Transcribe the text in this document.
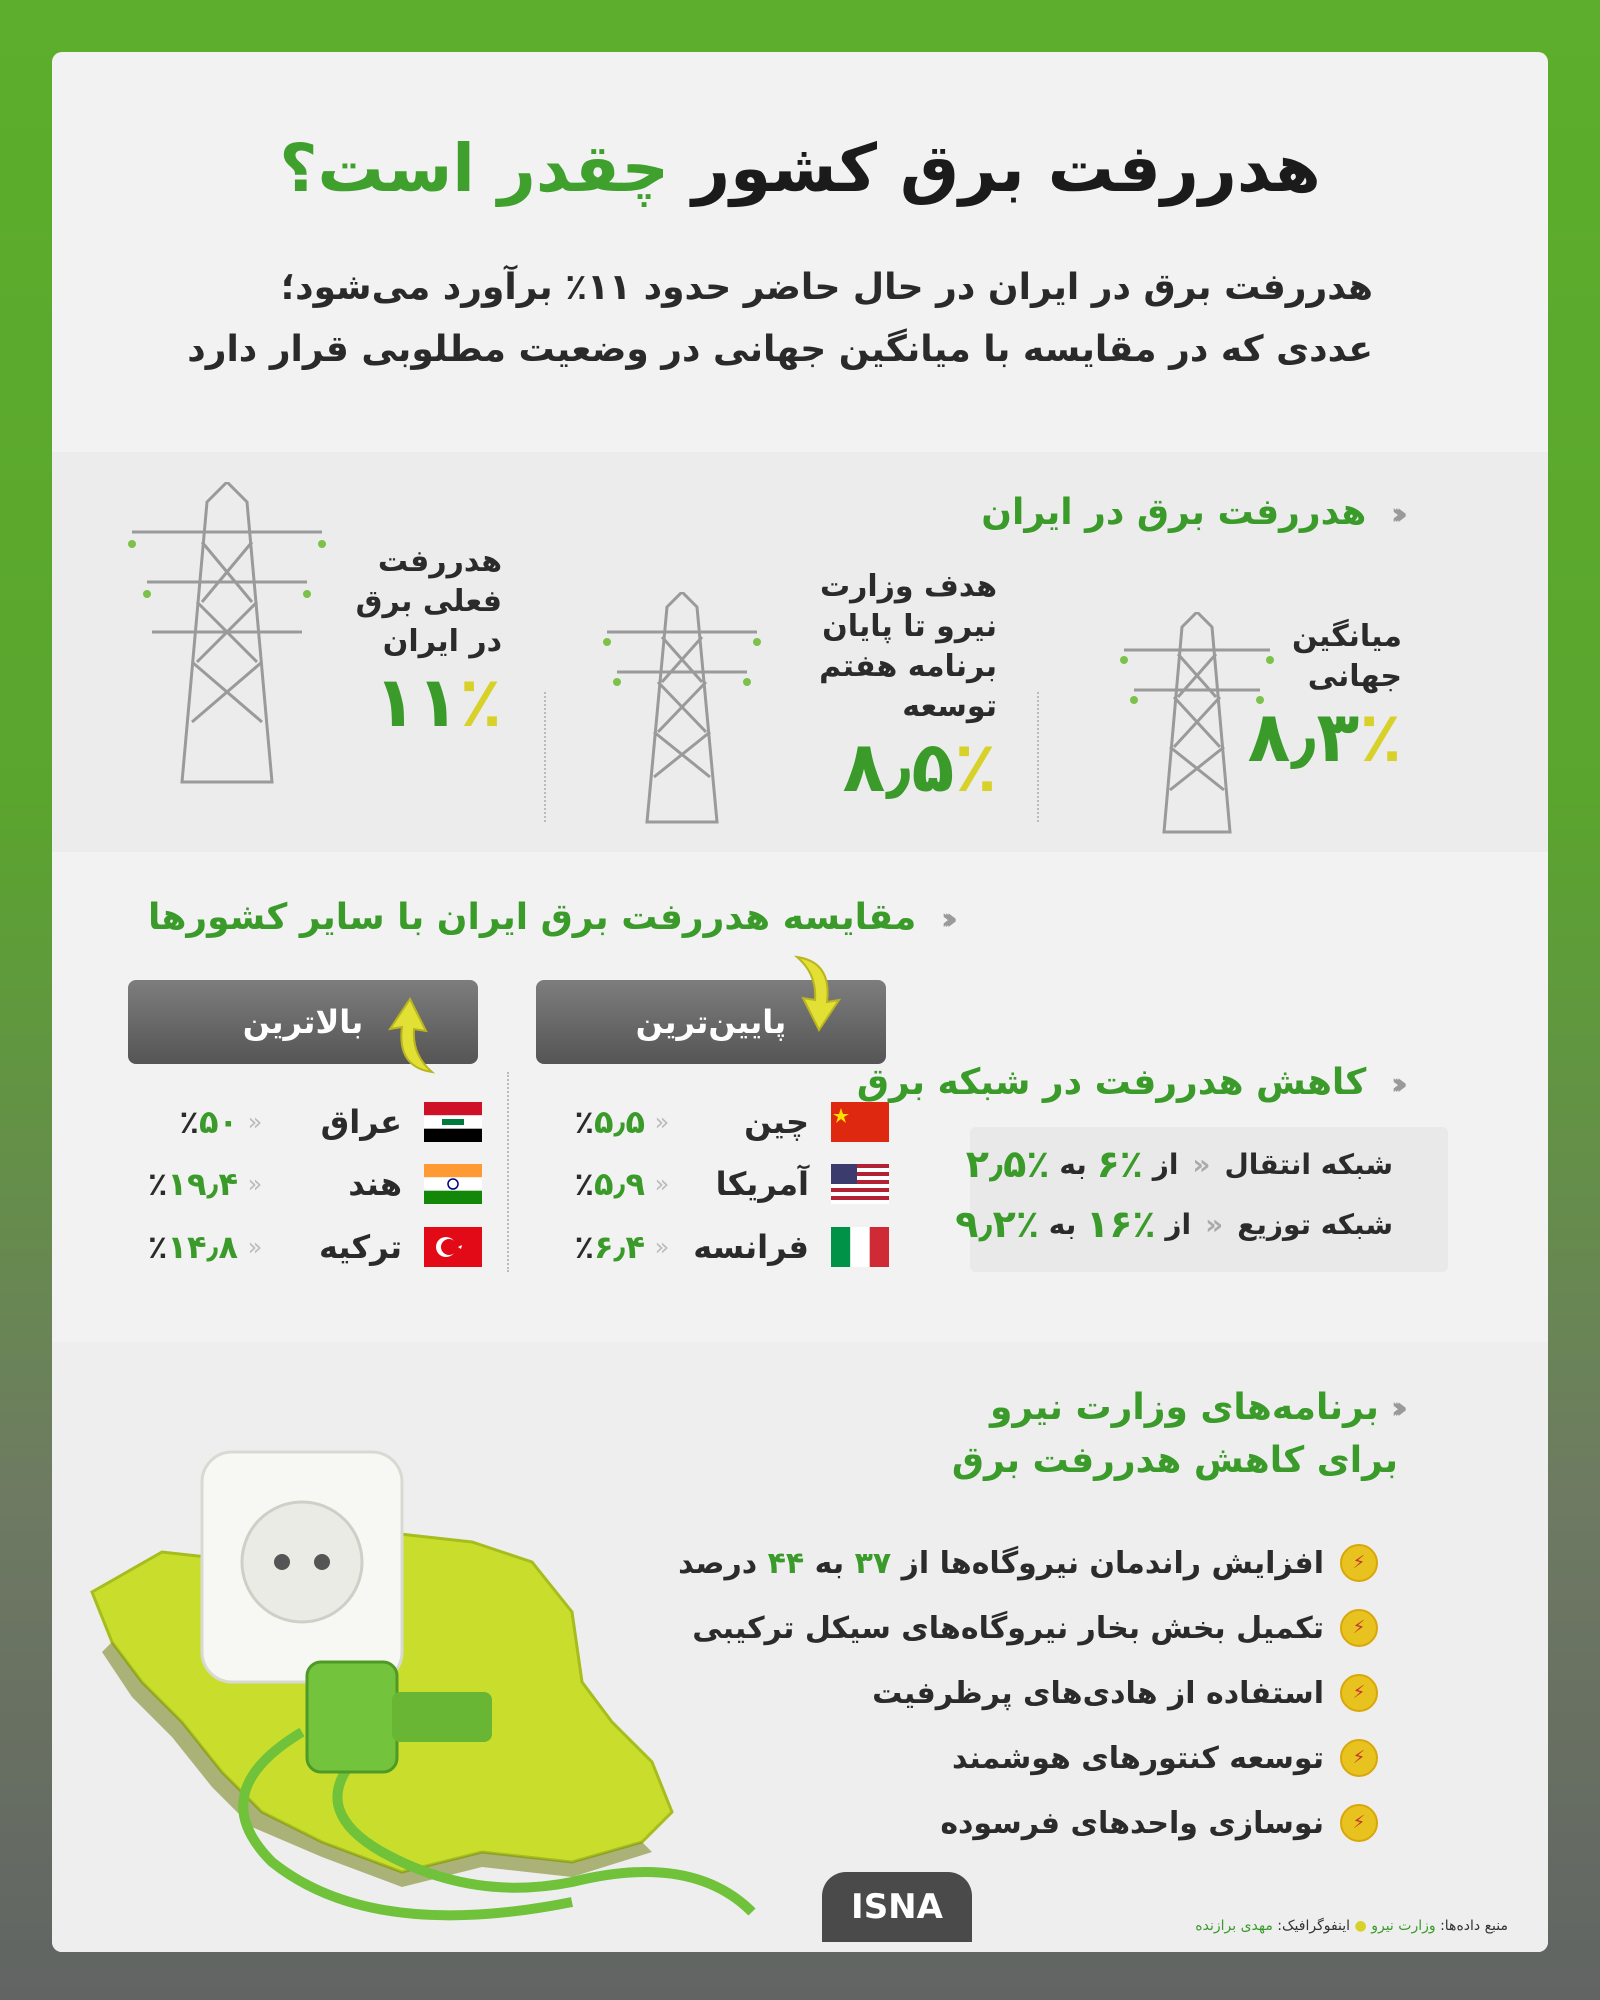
هدررفت برق کشور چقدر است؟
هدررفت برق در ایران در حال حاضر حدود ۱۱٪ برآورد می‌شود؛
عددی که در مقایسه با میانگین جهانی در وضعیت مطلوبی قرار دارد
‹‹‹ هدررفت برق در ایران
میانگین جهانی
۸٫۳٪
هدف وزارت نیرو تا پایان برنامه هفتم توسعه
۸٫۵٪
هدررفت فعلی برق در ایران
۱۱٪
‹‹‹ مقایسه هدررفت برق ایران با سایر کشورها
پایین‌ترین
بالاترین
چین
«
٪۵٫۵
آمریکا
«
٪۵٫۹
فرانسه
«
٪۶٫۴
عراق
«
٪۵۰
هند
«
٪۱۹٫۴
ترکیه
«
٪۱۴٫۸
‹‹‹ کاهش هدررفت در شبکه برق
شبکه انتقال
«
از

۶٪

به

۲٫۵٪
شبکه توزیع
«
از

۱۶٪

به

۹٫۲٪
‹‹‹برنامه‌های وزارت نیرو
برای کاهش هدررفت برق
⚡
افزایش راندمان نیروگاه‌ها از

۳۷

به

۴۴

درصد
⚡
تکمیل بخش بخار نیروگاه‌های سیکل ترکیبی
⚡
استفاده از هادی‌های پرظرفیت
⚡
توسعه کنتورهای هوشمند
⚡
نوسازی واحدهای فرسوده
ISNA	منبع داده‌ها: وزارت نیرو ● اینفوگرافیک: مهدی برازنده
